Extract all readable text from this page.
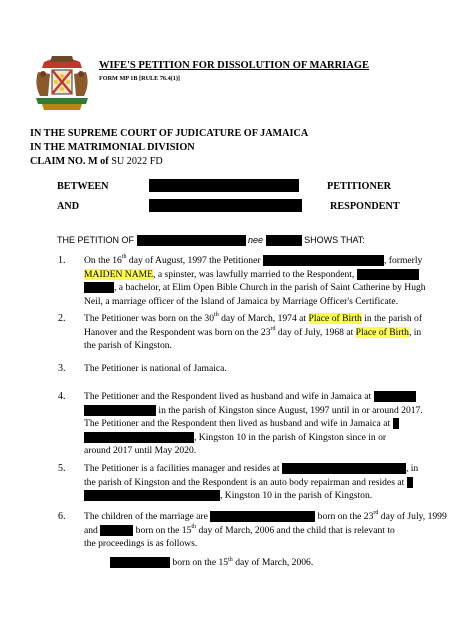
WIFE'S PETITION FOR DISSOLUTION OF MARRIAGE
FORM MP 1B [RULE 76.4(1)]
IN THE SUPREME COURT OF JUDICATURE OF JAMAICA
IN THE MATRIMONIAL DIVISION
CLAIM NO. M of SU 2022 FD
BETWEEN	PETITIONER
AND	RESPONDENT
THE PETITION OF	nee	SHOWS THAT:
1. On the 16th day of August, 1997 the Petitioner	, formerly
MAIDEN NAME, a spinster, was lawfully married to the Respondent,
, a bachelor, at Elim Open Bible Church in the parish of Saint Catherine by Hugh
Neil, a marriage officer of the Island of Jamaica by Marriage Officer's Certificate.
2. The Petitioner was born on the 30th day of March, 1974 at Place of Birth in the parish of
Hanover and the Respondent was born on the 23rd day of July, 1968 at Place of Birth, in
the parish of Kingston.
3. The Petitioner is national of Jamaica.
4. The Petitioner and the Respondent lived as husband and wife in Jamaica at
in the parish of Kingston since August, 1997 until in or around 2017.
The Petitioner and the Respondent then lived as husband and wife in Jamaica at
, Kingston 10 in the parish of Kingston since in or
around 2017 until May 2020.
5. The Petitioner is a facilities manager and resides at	, in
the parish of Kingston and the Respondent is an auto body repairman and resides at
, Kingston 10 in the parish of Kingston.
6. The children of the marriage are	born on the 23rd day of July, 1999
and	born on the 15th day of March, 2006 and the child that is relevant to
the proceedings is as follows.
born on the 15th day of March, 2006.
